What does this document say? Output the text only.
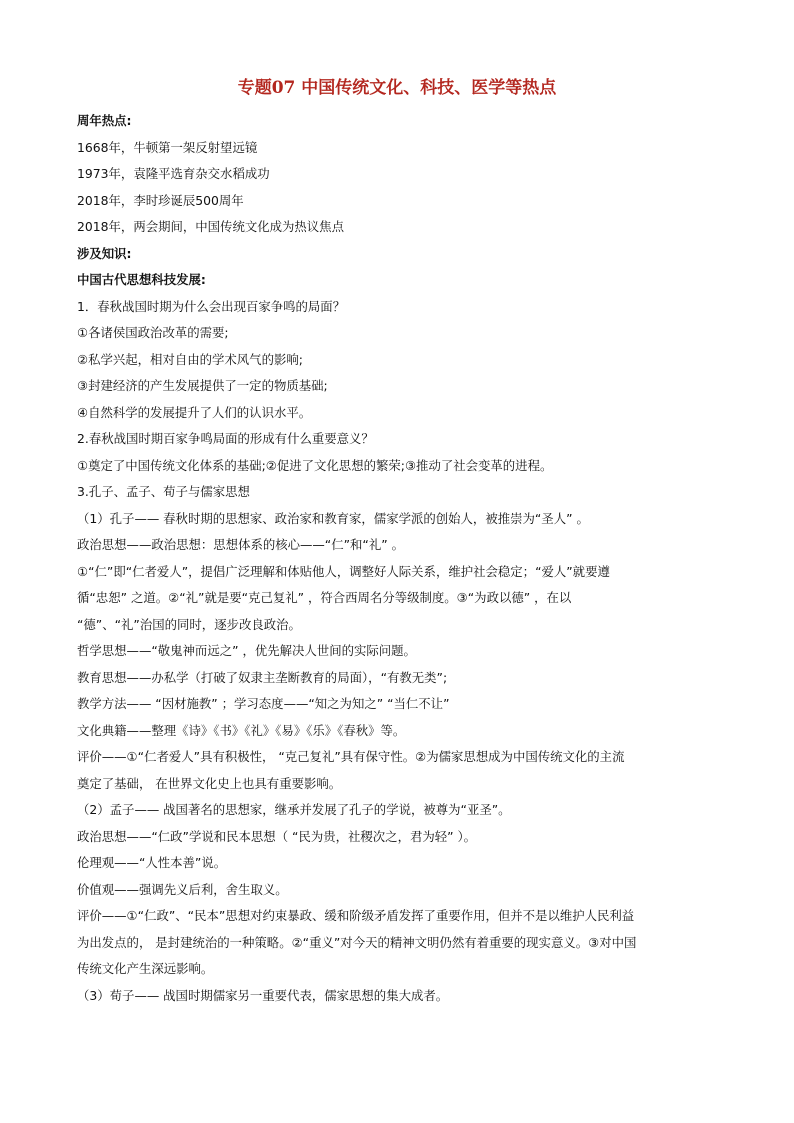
专题07 中国传统文化、科技、医学等热点
周年热点:
1668年，牛顿第一架反射望远镜
1973年，袁隆平选育杂交水稻成功
2018年，李时珍诞辰500周年
2018年，两会期间，中国传统文化成为热议焦点
涉及知识:
中国古代思想科技发展:
1．春秋战国时期为什么会出现百家争鸣的局面？
①各诸侯国政治改革的需要;
②私学兴起，相对自由的学术风气的影响;
③封建经济的产生发展提供了一定的物质基础;
④自然科学的发展提升了人们的认识水平。
2.春秋战国时期百家争鸣局面的形成有什么重要意义？
①奠定了中国传统文化体系的基础;②促进了文化思想的繁荣;③推动了社会变革的进程。
3.孔子、孟子、荀子与儒家思想
（1）孔子—— 春秋时期的思想家、政治家和教育家，儒家学派的创始人，被推崇为“圣人” 。
政治思想——政治思想：思想体系的核心——“仁”和“礼” 。
①“仁”即“仁者爱人”，提倡广泛理解和体贴他人，调整好人际关系，维护社会稳定；“爱人”就要遵
循“忠恕” 之道。②“礼”就是要“克己复礼” ，符合西周名分等级制度。③“为政以德” ，在以
“德”、“礼”治国的同时，逐步改良政治。
哲学思想——“敬鬼神而远之” ，优先解决人世间的实际问题。
教育思想——办私学（打破了奴隶主垄断教育的局面），“有教无类”;
教学方法—— “因材施教” ；学习态度——“知之为知之” “当仁不让”
文化典籍——整理《诗》《书》《礼》《易》《乐》《春秋》等。
评价——①“仁者爱人”具有积极性， “克己复礼”具有保守性。②为儒家思想成为中国传统文化的主流
奠定了基础， 在世界文化史上也具有重要影响。
（2）孟子—— 战国著名的思想家，继承并发展了孔子的学说，被尊为“亚圣”。
政治思想——“仁政”学说和民本思想（ “民为贵，社稷次之，君为轻” ）。
伦理观——“人性本善”说。
价值观——强调先义后利，舍生取义。
评价——①“仁政”、“民本”思想对约束暴政、缓和阶级矛盾发挥了重要作用，但并不是以维护人民利益
为出发点的， 是封建统治的一种策略。②“重义”对今天的精神文明仍然有着重要的现实意义。③对中国
传统文化产生深远影响。
（3）荀子—— 战国时期儒家另一重要代表，儒家思想的集大成者。
